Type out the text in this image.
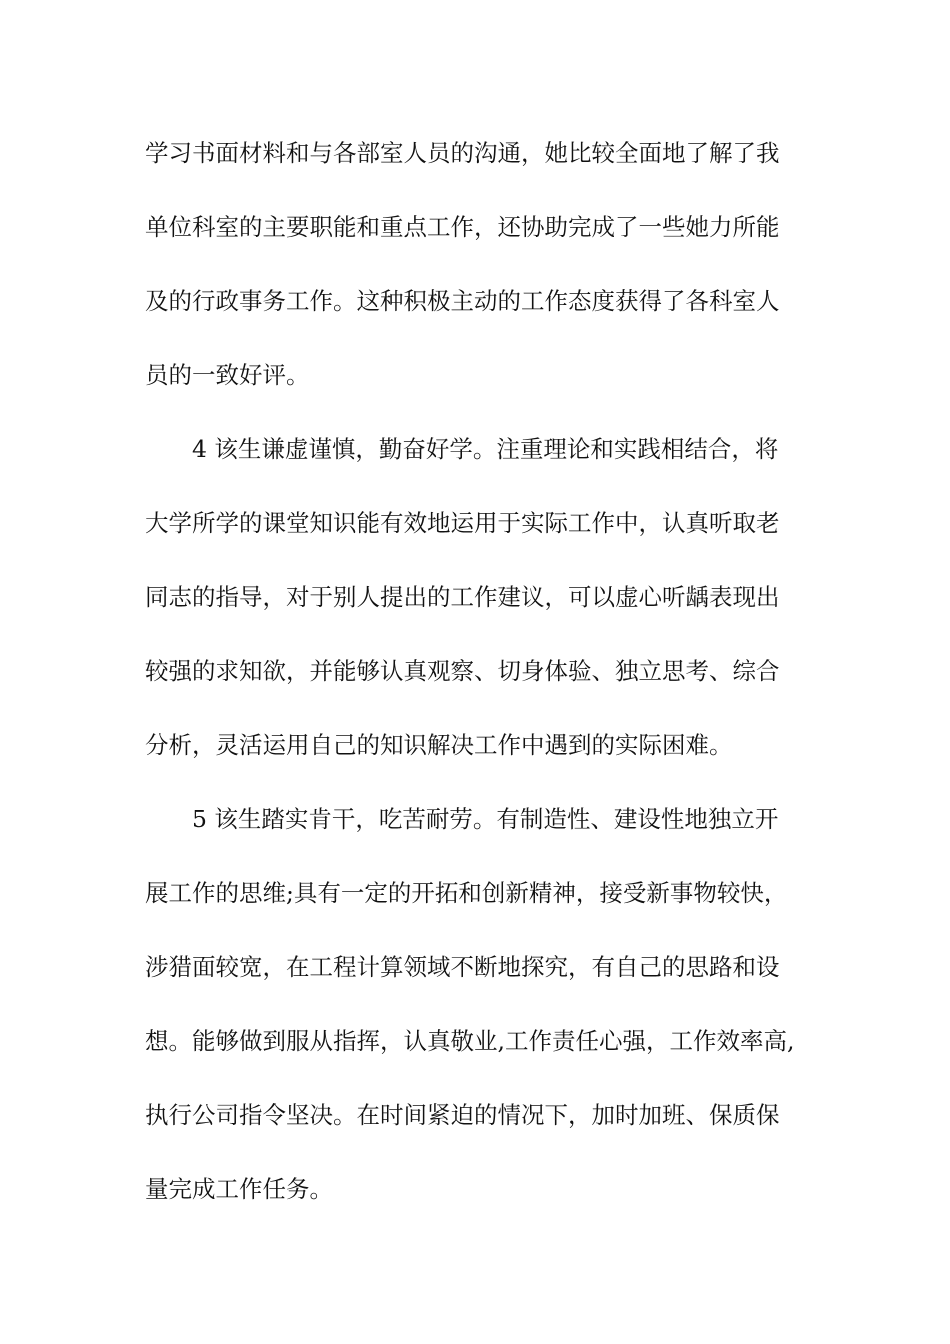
学习书面材料和与各部室人员的沟通，她比较全面地了解了我
单位科室的主要职能和重点工作，还协助完成了一些她力所能
及的行政事务工作。这种积极主动的工作态度获得了各科室人
员的一致好评。
4 该生谦虚谨慎，勤奋好学。注重理论和实践相结合，将
大学所学的课堂知识能有效地运用于实际工作中，认真听取老
同志的指导，对于别人提出的工作建议，可以虚心听龋表现出
较强的求知欲，并能够认真观察、切身体验、独立思考、综合
分析，灵活运用自己的知识解决工作中遇到的实际困难。
5 该生踏实肯干，吃苦耐劳。有制造性、建设性地独立开
展工作的思维;具有一定的开拓和创新精神，接受新事物较快，
涉猎面较宽，在工程计算领域不断地探究，有自己的思路和设
想。能够做到服从指挥，认真敬业,工作责任心强，工作效率高,
执行公司指令坚决。在时间紧迫的情况下，加时加班、保质保
量完成工作任务。
